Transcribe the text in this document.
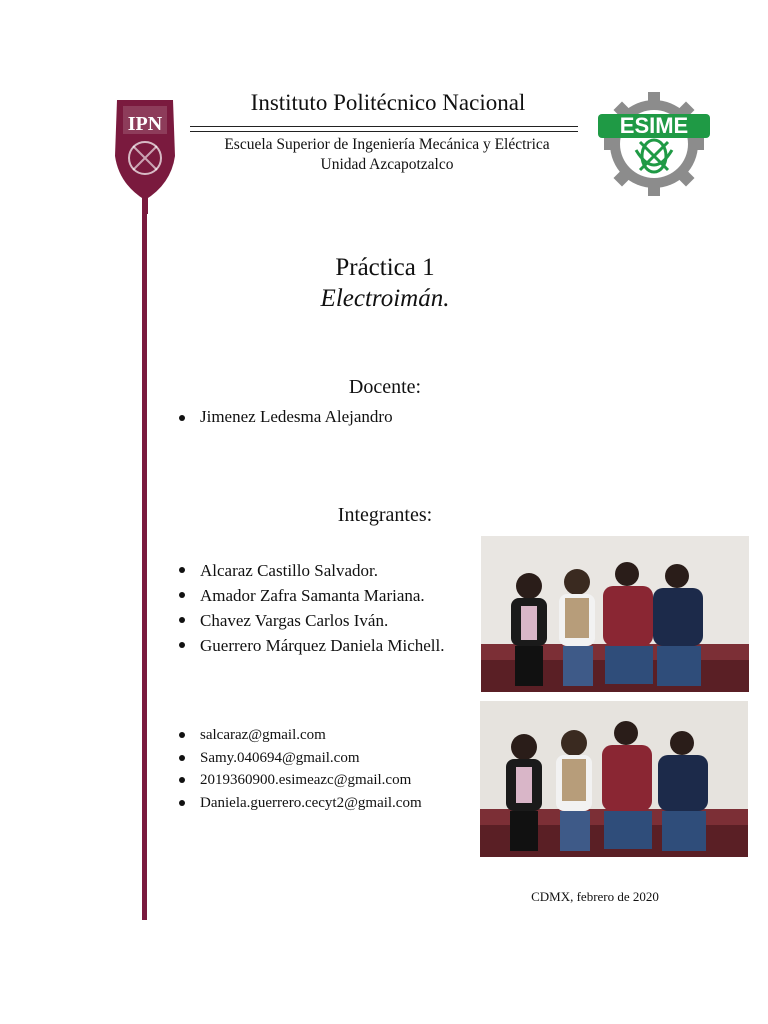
IPN
Instituto Politécnico Nacional
Escuela Superior de Ingeniería Mecánica y Eléctrica
Unidad Azcapotzalco
ESIME
Práctica 1
Electroimán.
Docente:
Jimenez Ledesma Alejandro
Integrantes:
Alcaraz Castillo Salvador.
Amador Zafra Samanta Mariana.
Chavez Vargas Carlos Iván.
Guerrero Márquez Daniela Michell.
salcaraz@gmail.com
Samy.040694@gmail.com
2019360900.esimeazc@gmail.com
Daniela.guerrero.cecyt2@gmail.com
CDMX, febrero de 2020
